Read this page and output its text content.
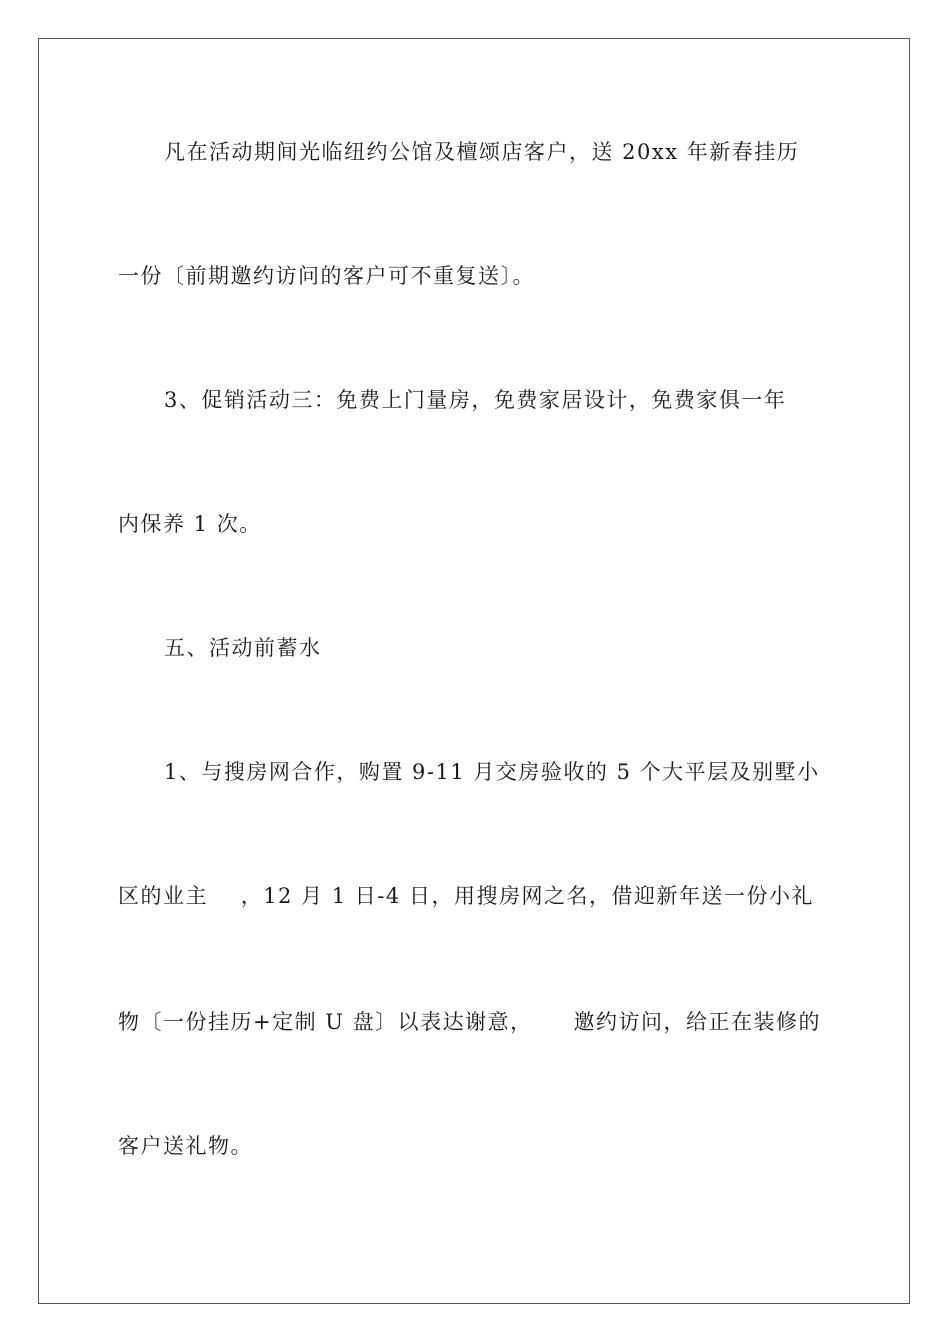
凡在活动期间光临纽约公馆及檀颂店客户，送 20xx 年新春挂历
一份〔前期邀约访问的客户可不重复送〕。
3、促销活动三：免费上门量房，免费家居设计，免费家俱一年
内保养 1 次。
五、活动前蓄水
1、与搜房网合作，购置 9-11 月交房验收的 5 个大平层及别墅小
区的业主    ，12 月 1 日-4 日，用搜房网之名，借迎新年送一份小礼
物〔一份挂历+定制 U 盘〕以表达谢意，     邀约访问，给正在装修的
客户送礼物。
